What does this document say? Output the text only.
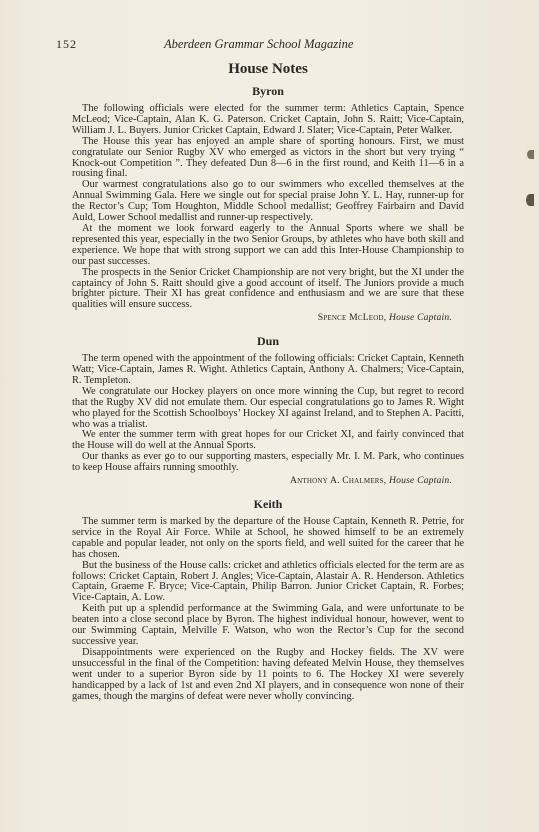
152	Aberdeen Grammar School Magazine
House Notes
Byron

The following officials were elected for the summer term: Athletics Captain, Spence McLeod; Vice-Captain, Alan K. G. Paterson. Cricket Captain, John S. Raitt; Vice-Captain, William J. L. Buyers. Junior Cricket Captain, Edward J. Slater; Vice-Captain, Peter Walker.

The House this year has enjoyed an ample share of sporting honours. First, we must congratulate our Senior Rugby XV who emerged as victors in the short but very trying “ Knock-out Competition ”. They defeated Dun 8—6 in the first round, and Keith 11—6 in a rousing final.

Our warmest congratulations also go to our swimmers who excelled themselves at the Annual Swimming Gala. Here we single out for special praise John Y. L. Hay, runner-up for the Rector’s Cup; Tom Houghton, Middle School medallist; Geoffrey Fairbairn and David Auld, Lower School medallist and runner-up respectively.

At the moment we look forward eagerly to the Annual Sports where we shall be represented this year, especially in the two Senior Groups, by athletes who have both skill and experience. We hope that with strong support we can add this Inter-House Championship to our past successes.

The prospects in the Senior Cricket Championship are not very bright, but the XI under the captaincy of John S. Raitt should give a good account of itself. The Juniors provide a much brighter picture. Their XI has great confidence and enthusiasm and we are sure that these qualities will ensure success.

Spence McLeod, House Captain.
Dun

The term opened with the appointment of the following officials: Cricket Captain, Kenneth Watt; Vice-Captain, James R. Wight. Athletics Captain, Anthony A. Chalmers; Vice-Captain, R. Templeton.

We congratulate our Hockey players on once more winning the Cup, but regret to record that the Rugby XV did not emulate them. Our especial congratulations go to James R. Wight who played for the Scottish Schoolboys’ Hockey XI against Ireland, and to Stephen A. Pacitti, who was a trialist.

We enter the summer term with great hopes for our Cricket XI, and fairly convinced that the House will do well at the Annual Sports.

Our thanks as ever go to our supporting masters, especially Mr. I. M. Park, who continues to keep House affairs running smoothly.

Anthony A. Chalmers, House Captain.
Keith

The summer term is marked by the departure of the House Captain, Kenneth R. Petrie, for service in the Royal Air Force. While at School, he showed himself to be an extremely capable and popular leader, not only on the sports field, and well suited for the career that he has chosen.

But the business of the House calls: cricket and athletics officials elected for the term are as follows: Cricket Captain, Robert J. Angles; Vice-Captain, Alastair A. R. Henderson. Athletics Captain, Graeme F. Bryce; Vice-Captain, Philip Barron. Junior Cricket Captain, R. Forbes; Vice-Captain, A. Low.

Keith put up a splendid performance at the Swimming Gala, and were unfortunate to be beaten into a close second place by Byron. The highest individual honour, however, went to our Swimming Captain, Melville F. Watson, who won the Rector’s Cup for the second successive year.

Disappointments were experienced on the Rugby and Hockey fields. The XV were unsuccessful in the final of the Competition: having defeated Melvin House, they themselves went under to a superior Byron side by 11 points to 6. The Hockey XI were severely handicapped by a lack of 1st and even 2nd XI players, and in consequence won none of their games, though the margins of defeat were never wholly convincing.
